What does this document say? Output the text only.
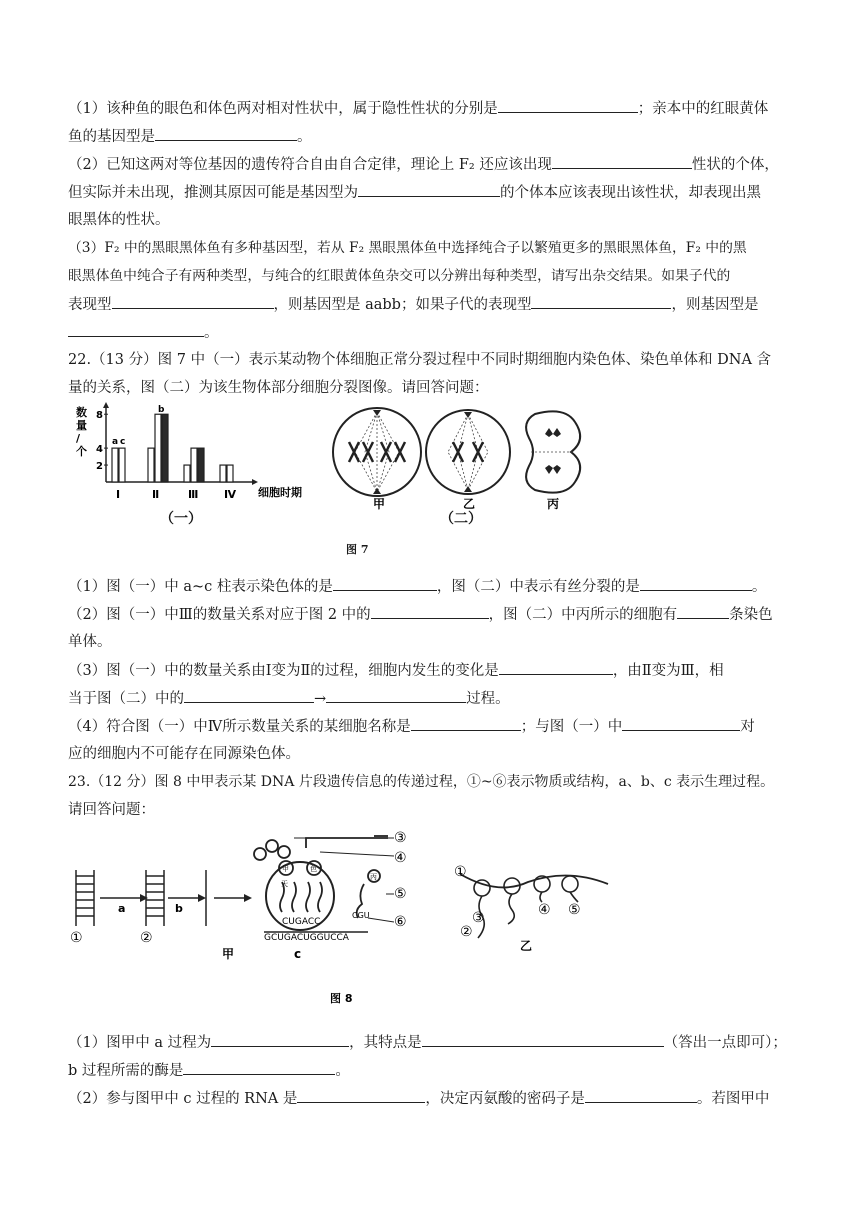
（1）该种鱼的眼色和体色两对相对性状中，属于隐性性状的分别是	；亲本中的红眼黄体
鱼的基因型是	。
（2）已知这两对等位基因的遗传符合自由自合定律，理论上 F₂ 还应该出现	性状的个体，
但实际并未出现，推测其原因可能是基因型为	的个体本应该表现出该性状，却表现出黑
眼黑体的性状。
（3）F₂ 中的黑眼黑体鱼有多种基因型，若从 F₂ 黑眼黑体鱼中选择纯合子以繁殖更多的黑眼黑体鱼，F₂ 中的黑
眼黑体鱼中纯合子有两种类型，与纯合的红眼黄体鱼杂交可以分辨出每种类型，请写出杂交结果。如果子代的
表现型	，则基因型是 aabb；如果子代的表现型	，则基因型是
。
22.（13 分）图 7 中（一）表示某动物个体细胞正常分裂过程中不同时期细胞内染色体、染色单体和 DNA 含
量的关系，图（二）为该生物体部分细胞分裂图像。请回答问题：
数
量
/
个
细胞时期
2
4
8
Ⅰ	Ⅱ	Ⅲ Ⅳ
a c
b
甲	乙	丙
（一）	（二）
图 7
（1）图（一）中 a~c 柱表示染色体的是	，图（二）中表示有丝分裂的是	。
（2）图（一）中Ⅲ的数量关系对应于图 2 中的	，图（二）中丙所示的细胞有	条染色
单体。
（3）图（一）中的数量关系由Ⅰ变为Ⅱ的过程，细胞内发生的变化是	，由Ⅱ变为Ⅲ，相
当于图（二）中的	→	过程。
（4）符合图（一）中Ⅳ所示数量关系的某细胞名称是	；与图（一）中	对
应的细胞内不可能存在同源染色体。
23.（12 分）图 8 中甲表示某 DNA 片段遗传信息的传递过程，①~⑥表示物质或结构，a、b、c 表示生理过程。
请回答问题：
a	b
①	②
甲	色
天
丙
CUGACC
GCUGACUGGUCCA
CGU
③
④
⑤
⑥
c
甲
①
②
③	④ ⑤
乙
图 8
（1）图甲中 a 过程为	，其特点是	（答出一点即可）；
b 过程所需的酶是	。
（2）参与图甲中 c 过程的 RNA 是	，决定丙氨酸的密码子是	。若图甲中
